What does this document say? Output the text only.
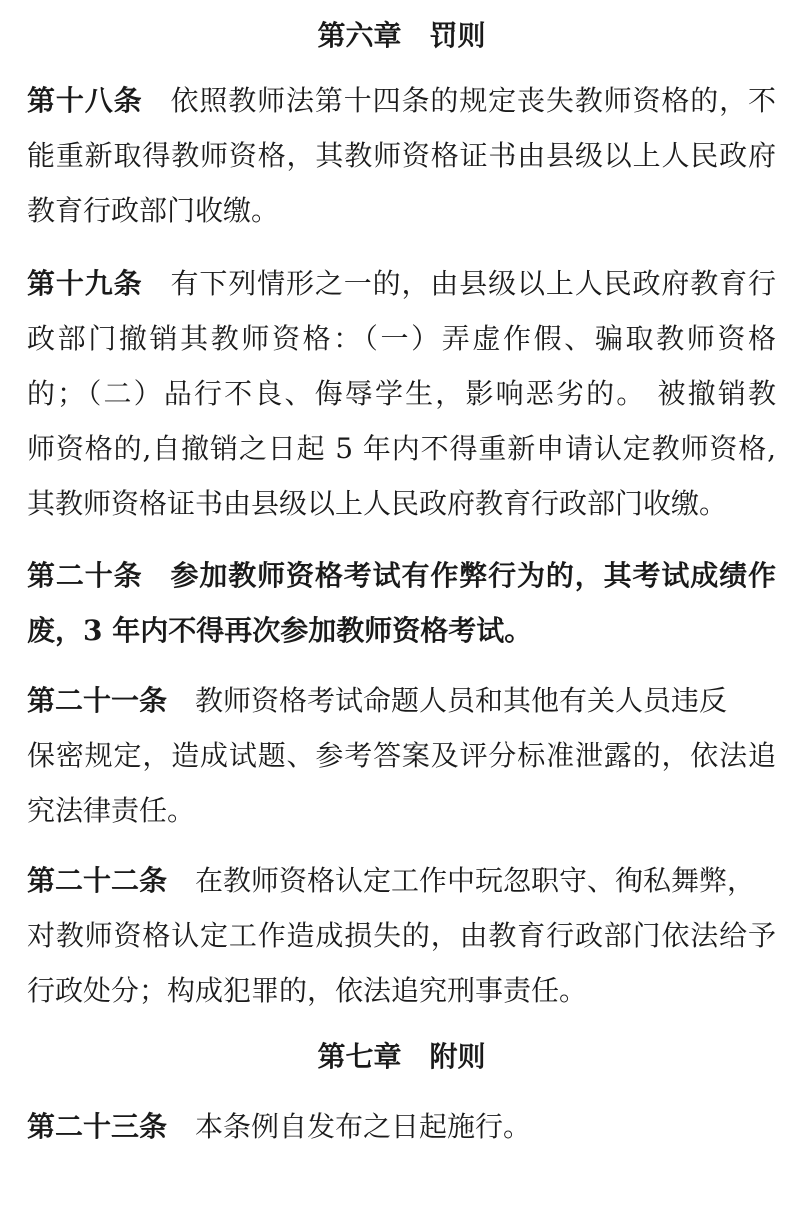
第六章　罚则
第十八条 依照教师法第十四条的规定丧失教师资格的，不
能重新取得教师资格，其教师资格证书由县级以上人民政府
教育行政部门收缴。
第十九条 有下列情形之一的，由县级以上人民政府教育行
政部门撤销其教师资格：（一）弄虚作假、骗取教师资格
的；（二）品行不良、侮辱学生，影响恶劣的。 被撤销教
师资格的,自撤销之日起 5 年内不得重新申请认定教师资格,
其教师资格证书由县级以上人民政府教育行政部门收缴。
第二十条 参加教师资格考试有作弊行为的，其考试成绩作
废，3 年内不得再次参加教师资格考试。
第二十一条 教师资格考试命题人员和其他有关人员违反
保密规定，造成试题、参考答案及评分标准泄露的，依法追
究法律责任。
第二十二条 在教师资格认定工作中玩忽职守、徇私舞弊，
对教师资格认定工作造成损失的，由教育行政部门依法给予
行政处分；构成犯罪的，依法追究刑事责任。
第七章　附则
第二十三条 本条例自发布之日起施行。
